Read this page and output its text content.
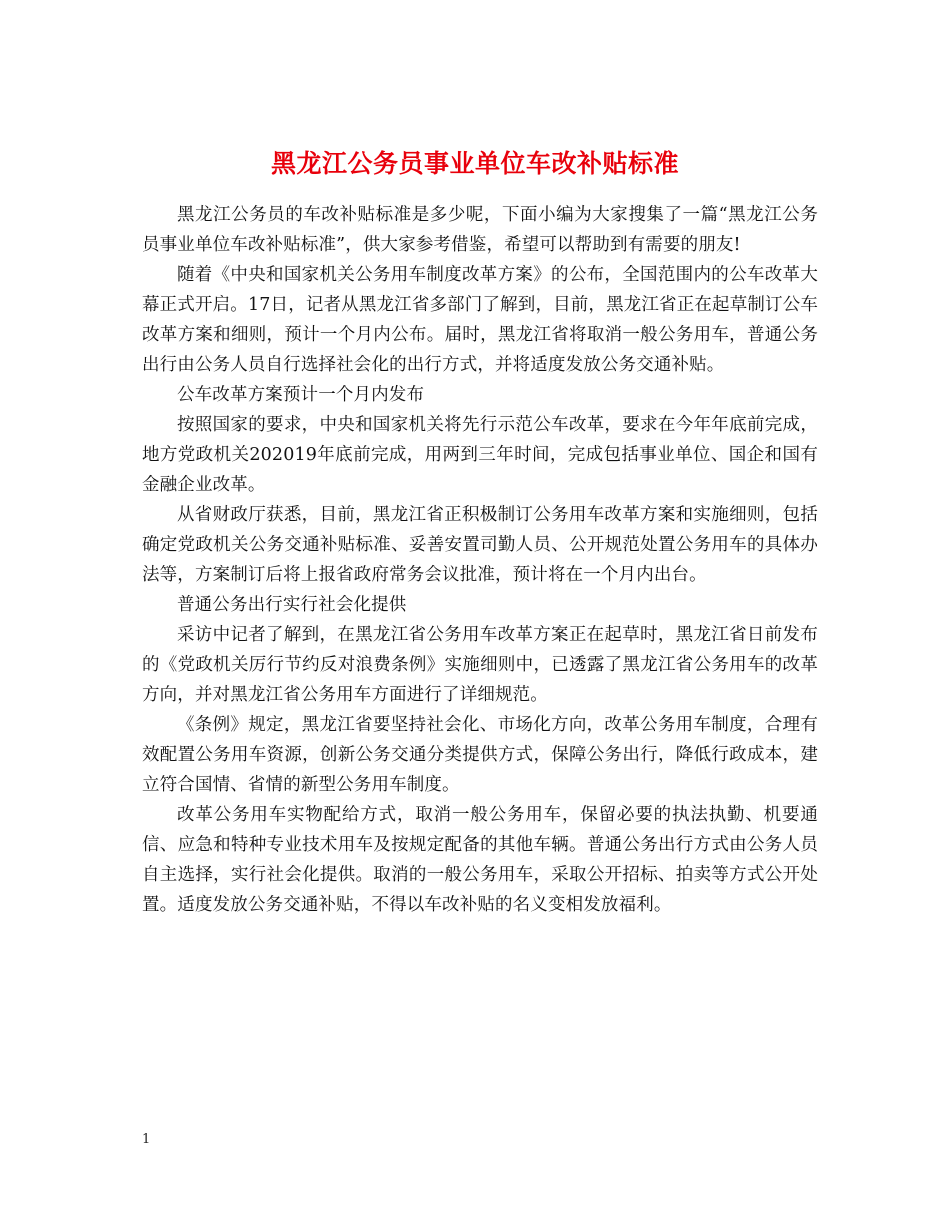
黑龙江公务员事业单位车改补贴标准

黑龙江公务员的车改补贴标准是多少呢，下面小编为大家搜集了一篇“黑龙江公务员事业单位车改补贴标准”，供大家参考借鉴，希望可以帮助到有需要的朋友!

随着《中央和国家机关公务用车制度改革方案》的公布，全国范围内的公车改革大幕正式开启。17日，记者从黑龙江省多部门了解到，目前，黑龙江省正在起草制订公车改革方案和细则，预计一个月内公布。届时，黑龙江省将取消一般公务用车，普通公务出行由公务人员自行选择社会化的出行方式，并将适度发放公务交通补贴。

公车改革方案预计一个月内发布

按照国家的要求，中央和国家机关将先行示范公车改革，要求在今年年底前完成，地方党政机关202019年底前完成，用两到三年时间，完成包括事业单位、国企和国有金融企业改革。

从省财政厅获悉，目前，黑龙江省正积极制订公务用车改革方案和实施细则，包括确定党政机关公务交通补贴标准、妥善安置司勤人员、公开规范处置公务用车的具体办法等，方案制订后将上报省政府常务会议批准，预计将在一个月内出台。

普通公务出行实行社会化提供

采访中记者了解到，在黑龙江省公务用车改革方案正在起草时，黑龙江省日前发布的《党政机关厉行节约反对浪费条例》实施细则中，已透露了黑龙江省公务用车的改革方向，并对黑龙江省公务用车方面进行了详细规范。

《条例》规定，黑龙江省要坚持社会化、市场化方向，改革公务用车制度，合理有效配置公务用车资源，创新公务交通分类提供方式，保障公务出行，降低行政成本，建立符合国情、省情的新型公务用车制度。

改革公务用车实物配给方式，取消一般公务用车，保留必要的执法执勤、机要通信、应急和特种专业技术用车及按规定配备的其他车辆。普通公务出行方式由公务人员自主选择，实行社会化提供。取消的一般公务用车，采取公开招标、拍卖等方式公开处置。适度发放公务交通补贴，不得以车改补贴的名义变相发放福利。

1
